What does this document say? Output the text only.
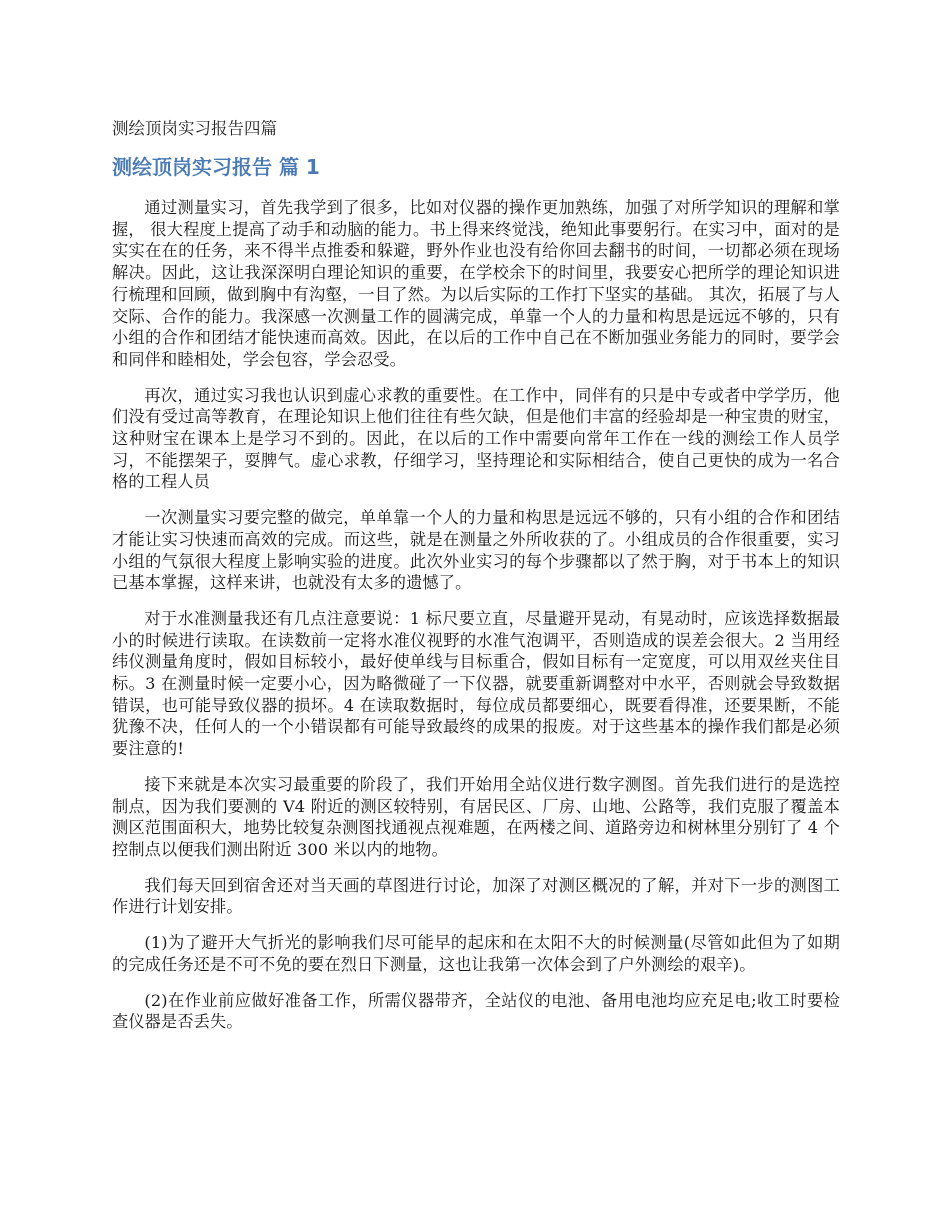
测绘顶岗实习报告四篇
测绘顶岗实习报告 篇 1

通过测量实习，首先我学到了很多，比如对仪器的操作更加熟练，加强了对所学知识的理解和掌握， 很大程度上提高了动手和动脑的能力。书上得来终觉浅，绝知此事要躬行。在实习中，面对的是实实在在的任务，来不得半点推委和躲避，野外作业也没有给你回去翻书的时间，一切都必须在现场解决。因此，这让我深深明白理论知识的重要，在学校余下的时间里，我要安心把所学的理论知识进行梳理和回顾，做到胸中有沟壑，一目了然。为以后实际的工作打下坚实的基础。 其次，拓展了与人交际、合作的能力。我深感一次测量工作的圆满完成，单靠一个人的力量和构思是远远不够的，只有小组的合作和团结才能快速而高效。因此，在以后的工作中自己在不断加强业务能力的同时，要学会和同伴和睦相处，学会包容，学会忍受。

再次，通过实习我也认识到虚心求教的重要性。在工作中，同伴有的只是中专或者中学学历，他们没有受过高等教育，在理论知识上他们往往有些欠缺，但是他们丰富的经验却是一种宝贵的财宝，这种财宝在课本上是学习不到的。因此，在以后的工作中需要向常年工作在一线的测绘工作人员学习，不能摆架子，耍脾气。虚心求教，仔细学习，坚持理论和实际相结合，使自己更快的成为一名合格的工程人员

一次测量实习要完整的做完，单单靠一个人的力量和构思是远远不够的，只有小组的合作和团结才能让实习快速而高效的完成。而这些，就是在测量之外所收获的了。小组成员的合作很重要，实习小组的气氛很大程度上影响实验的进度。此次外业实习的每个步骤都以了然于胸，对于书本上的知识已基本掌握，这样来讲，也就没有太多的遗憾了。

对于水准测量我还有几点注意要说：1 标尺要立直，尽量避开晃动，有晃动时，应该选择数据最小的时候进行读取。在读数前一定将水准仪视野的水准气泡调平，否则造成的误差会很大。2 当用经纬仪测量角度时，假如目标较小，最好使单线与目标重合，假如目标有一定宽度，可以用双丝夹住目标。3 在测量时候一定要小心，因为略微碰了一下仪器，就要重新调整对中水平，否则就会导致数据错误，也可能导致仪器的损坏。4 在读取数据时，每位成员都要细心，既要看得准，还要果断，不能犹豫不决，任何人的一个小错误都有可能导致最终的成果的报废。对于这些基本的操作我们都是必须要注意的!

接下来就是本次实习最重要的阶段了，我们开始用全站仪进行数字测图。首先我们进行的是选控制点，因为我们要测的 V4 附近的测区较特别，有居民区、厂房、山地、公路等，我们克服了覆盖本测区范围面积大，地势比较复杂测图找通视点视难题，在两楼之间、道路旁边和树林里分别钉了 4 个控制点以便我们测出附近 300 米以内的地物。

我们每天回到宿舍还对当天画的草图进行讨论，加深了对测区概况的了解，并对下一步的测图工作进行计划安排。

(1)为了避开大气折光的影响我们尽可能早的起床和在太阳不大的时候测量(尽管如此但为了如期的完成任务还是不可不免的要在烈日下测量，这也让我第一次体会到了户外测绘的艰辛)。

(2)在作业前应做好准备工作，所需仪器带齐，全站仪的电池、备用电池均应充足电;收工时要检查仪器是否丢失。
